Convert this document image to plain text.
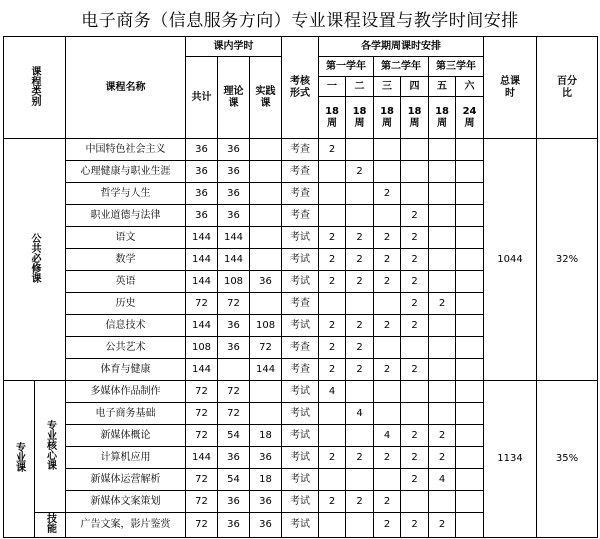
电子商务（信息服务方向）专业课程设置与教学时间安排
课程类别		课程名称	课内学时			考核形式	各学期周课时安排						总课时	百分比
			共计	理论课	实践课		第一学年		第二学年		第三学年			
							一	二	三	四	五	六		
							18周	18周	18周	18周	18周	24周		
公共必修课		中国特色社会主义	36	36		考查	2						1044	32%
		心理健康与职业生涯	36	36		考查		2						
		哲学与人生	36	36		考查			2					
		职业道德与法律	36	36		考查				2				
		语文	144	144		考试	2	2	2	2				
		数学	144	144		考试	2	2	2	2				
		英语	144	108	36	考试	2	2	2	2				
		历史	72	72		考查				2	2			
		信息技术	144	36	108	考试	2	2	2	2				
		公共艺术	108	36	72	考查	2	2						
		体育与健康	144		144	考查	2	2	2	2				
专业课	专业核心课	多媒体作品制作	72	72		考试	4						1134	35%
		电子商务基础	72	72		考试		4						
		新媒体概论	72	54	18	考试			4	2	2			
		计算机应用	144	36	36	考试	2	2	2	2	2			
		新媒体运营解析	72	54	18	考试				2	4			
		新媒体文案策划	72	36	36	考试	2	2	2					
	技能	广告文案，影片鉴赏	72	36	36	考试			2	2	2			
